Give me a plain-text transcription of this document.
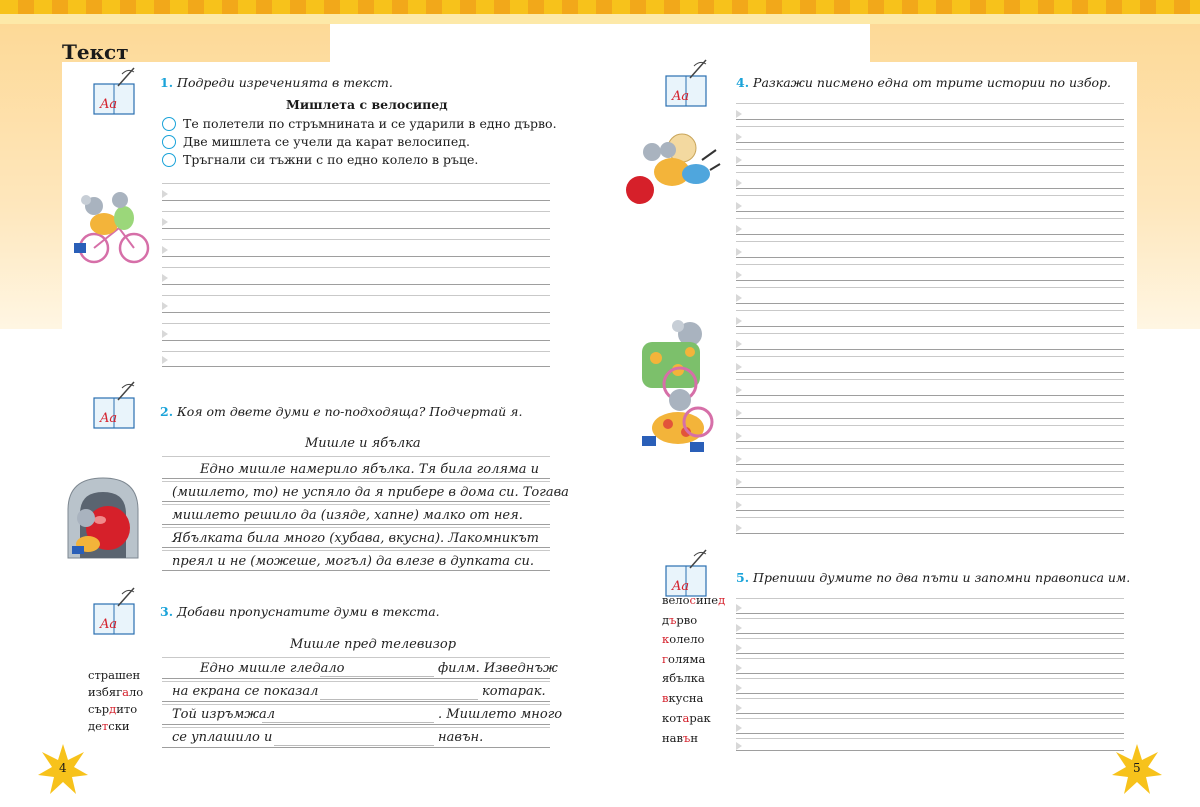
Текст
Aa
1. Подреди изреченията в текст.
Мишлета с велосипед
Те полетели по стръмнината и се ударили в едно дърво.
Две мишлета се учели да карат велосипед.
Тръгнали си тъжни с по едно колело в ръце.
Aa	2. Коя от двете думи е по-подходяща? Подчертай я.
Мишле и ябълка
Едно мишле намерило ябълка. Тя била голяма и
(мишлето, то) не успяло да я прибере в дома си. Тогава
мишлето решило да (изяде, хапне) малко от нея.
Ябълката била много (хубава, вкусна). Лакомникът
преял и не (можеше, могъл) да влезе в дупката си.
Aa
3. Добави пропуснатите думи в текста.
Мишле пред телевизор
Едно мишле гледало	филм. Изведнъж
на екрана се показал	котарак.
Той изръмжал	. Мишлето много
се уплашило и	навън.
страшен
избягало
сърдито
детски
4
Aa
4. Разкажи писмено една от трите истории по избор.
Aa
5. Препиши думите по два пъти и запомни правописа им.
велосипед
дърво
колело
голяма
ябълка
вкусна
котарак
навън
5
